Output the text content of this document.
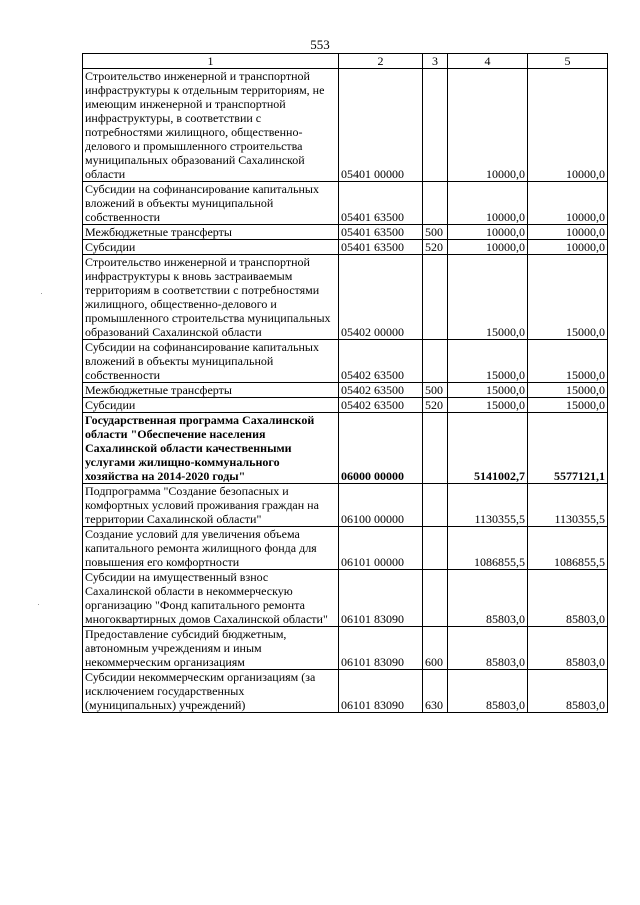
553
1	2	3	4	5
Строительство инженерной и транспортной инфраструктуры к отдельным территориям, не имеющим инженерной и транспортной инфраструктуры, в соответствии с потребностями жилищного, общественно-делового и промышленного строительства муниципальных образований Сахалинской области	05401 00000		10000,0	10000,0
Субсидии на софинансирование капитальных вложений в объекты муниципальной собственности	05401 63500		10000,0	10000,0
Межбюджетные трансферты	05401 63500	500	10000,0	10000,0
Субсидии	05401 63500	520	10000,0	10000,0
Строительство инженерной и транспортной инфраструктуры к вновь застраиваемым территориям в соответствии с потребностями жилищного, общественно-делового и промышленного строительства муниципальных образований Сахалинской области	05402 00000		15000,0	15000,0
Субсидии на софинансирование капитальных вложений в объекты муниципальной собственности	05402 63500		15000,0	15000,0
Межбюджетные трансферты	05402 63500	500	15000,0	15000,0
Субсидии	05402 63500	520	15000,0	15000,0
Государственная программа Сахалинской области "Обеспечение населения Сахалинской области качественными услугами жилищно-коммунального хозяйства на 2014-2020 годы"	06000 00000		5141002,7	5577121,1
Подпрограмма "Создание безопасных и комфортных условий проживания граждан на территории Сахалинской области"	06100 00000		1130355,5	1130355,5
Создание условий для увеличения объема капитального ремонта жилищного фонда для повышения его комфортности	06101 00000		1086855,5	1086855,5
Субсидии на имущественный взнос Сахалинской области в некоммерческую организацию "Фонд капитального ремонта многоквартирных домов Сахалинской области"	06101 83090		85803,0	85803,0
Предоставление субсидий бюджетным, автономным учреждениям и иным некоммерческим организациям	06101 83090	600	85803,0	85803,0
Субсидии некоммерческим организациям (за исключением государственных (муниципальных) учреждений)	06101 83090	630	85803,0	85803,0
